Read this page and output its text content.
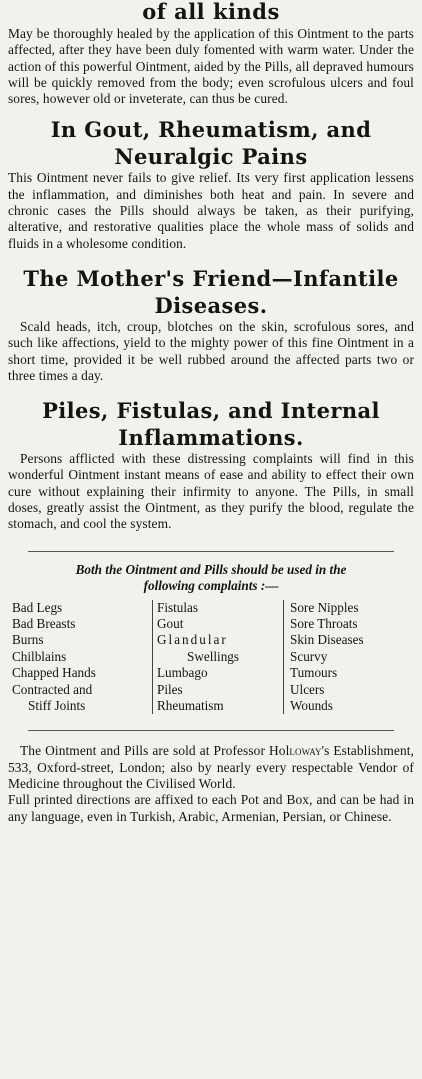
of all kinds

May be thoroughly healed by the application of this Ointment to the parts affected, after they have been duly fomented with warm water. Under the action of this powerful Ointment, aided by the Pills, all depraved humours will be quickly removed from the body; even scrofulous ulcers and foul sores, however old or inveterate, can thus be cured.

In Gout, Rheumatism, and
Neuralgic Pains

This Ointment never fails to give relief. Its very first application lessens the inflammation, and diminishes both heat and pain. In severe and chronic cases the Pills should always be taken, as their purifying, alterative, and restorative qualities place the whole mass of solids and fluids in a wholesome condition.

The Mother's Friend—Infantile
Diseases.

Scald heads, itch, croup, blotches on the skin, scrofulous sores, and such like affections, yield to the mighty power of this fine Ointment in a short time, provided it be well rubbed around the affected parts two or three times a day.

Piles, Fistulas, and Internal
Inflammations.

Persons afflicted with these distressing complaints will find in this wonderful Ointment instant means of ease and ability to effect their own cure without explaining their infirmity to anyone. The Pills, in small doses, greatly assist the Ointment, as they purify the blood, regulate the stomach, and cool the system.

Both the Ointment and Pills should be used in the

following complaints :—

Bad Legs
Bad Breasts
Burns
Chilblains
Chapped Hands
Contracted and
Stiff Joints
Fistulas
Gout
Glandular
Swellings
Lumbago
Piles
Rheumatism
Sore Nipples
Sore Throats
Skin Diseases
Scurvy
Tumours
Ulcers
Wounds

The Ointment and Pills are sold at Professor Holloway's Establishment, 533, Oxford-street, London; also by nearly every respectable Vendor of Medicine throughout the Civilised World.

Full printed directions are affixed to each Pot and Box, and can be had in any language, even in Turkish, Arabic, Armenian, Persian, or Chinese.
